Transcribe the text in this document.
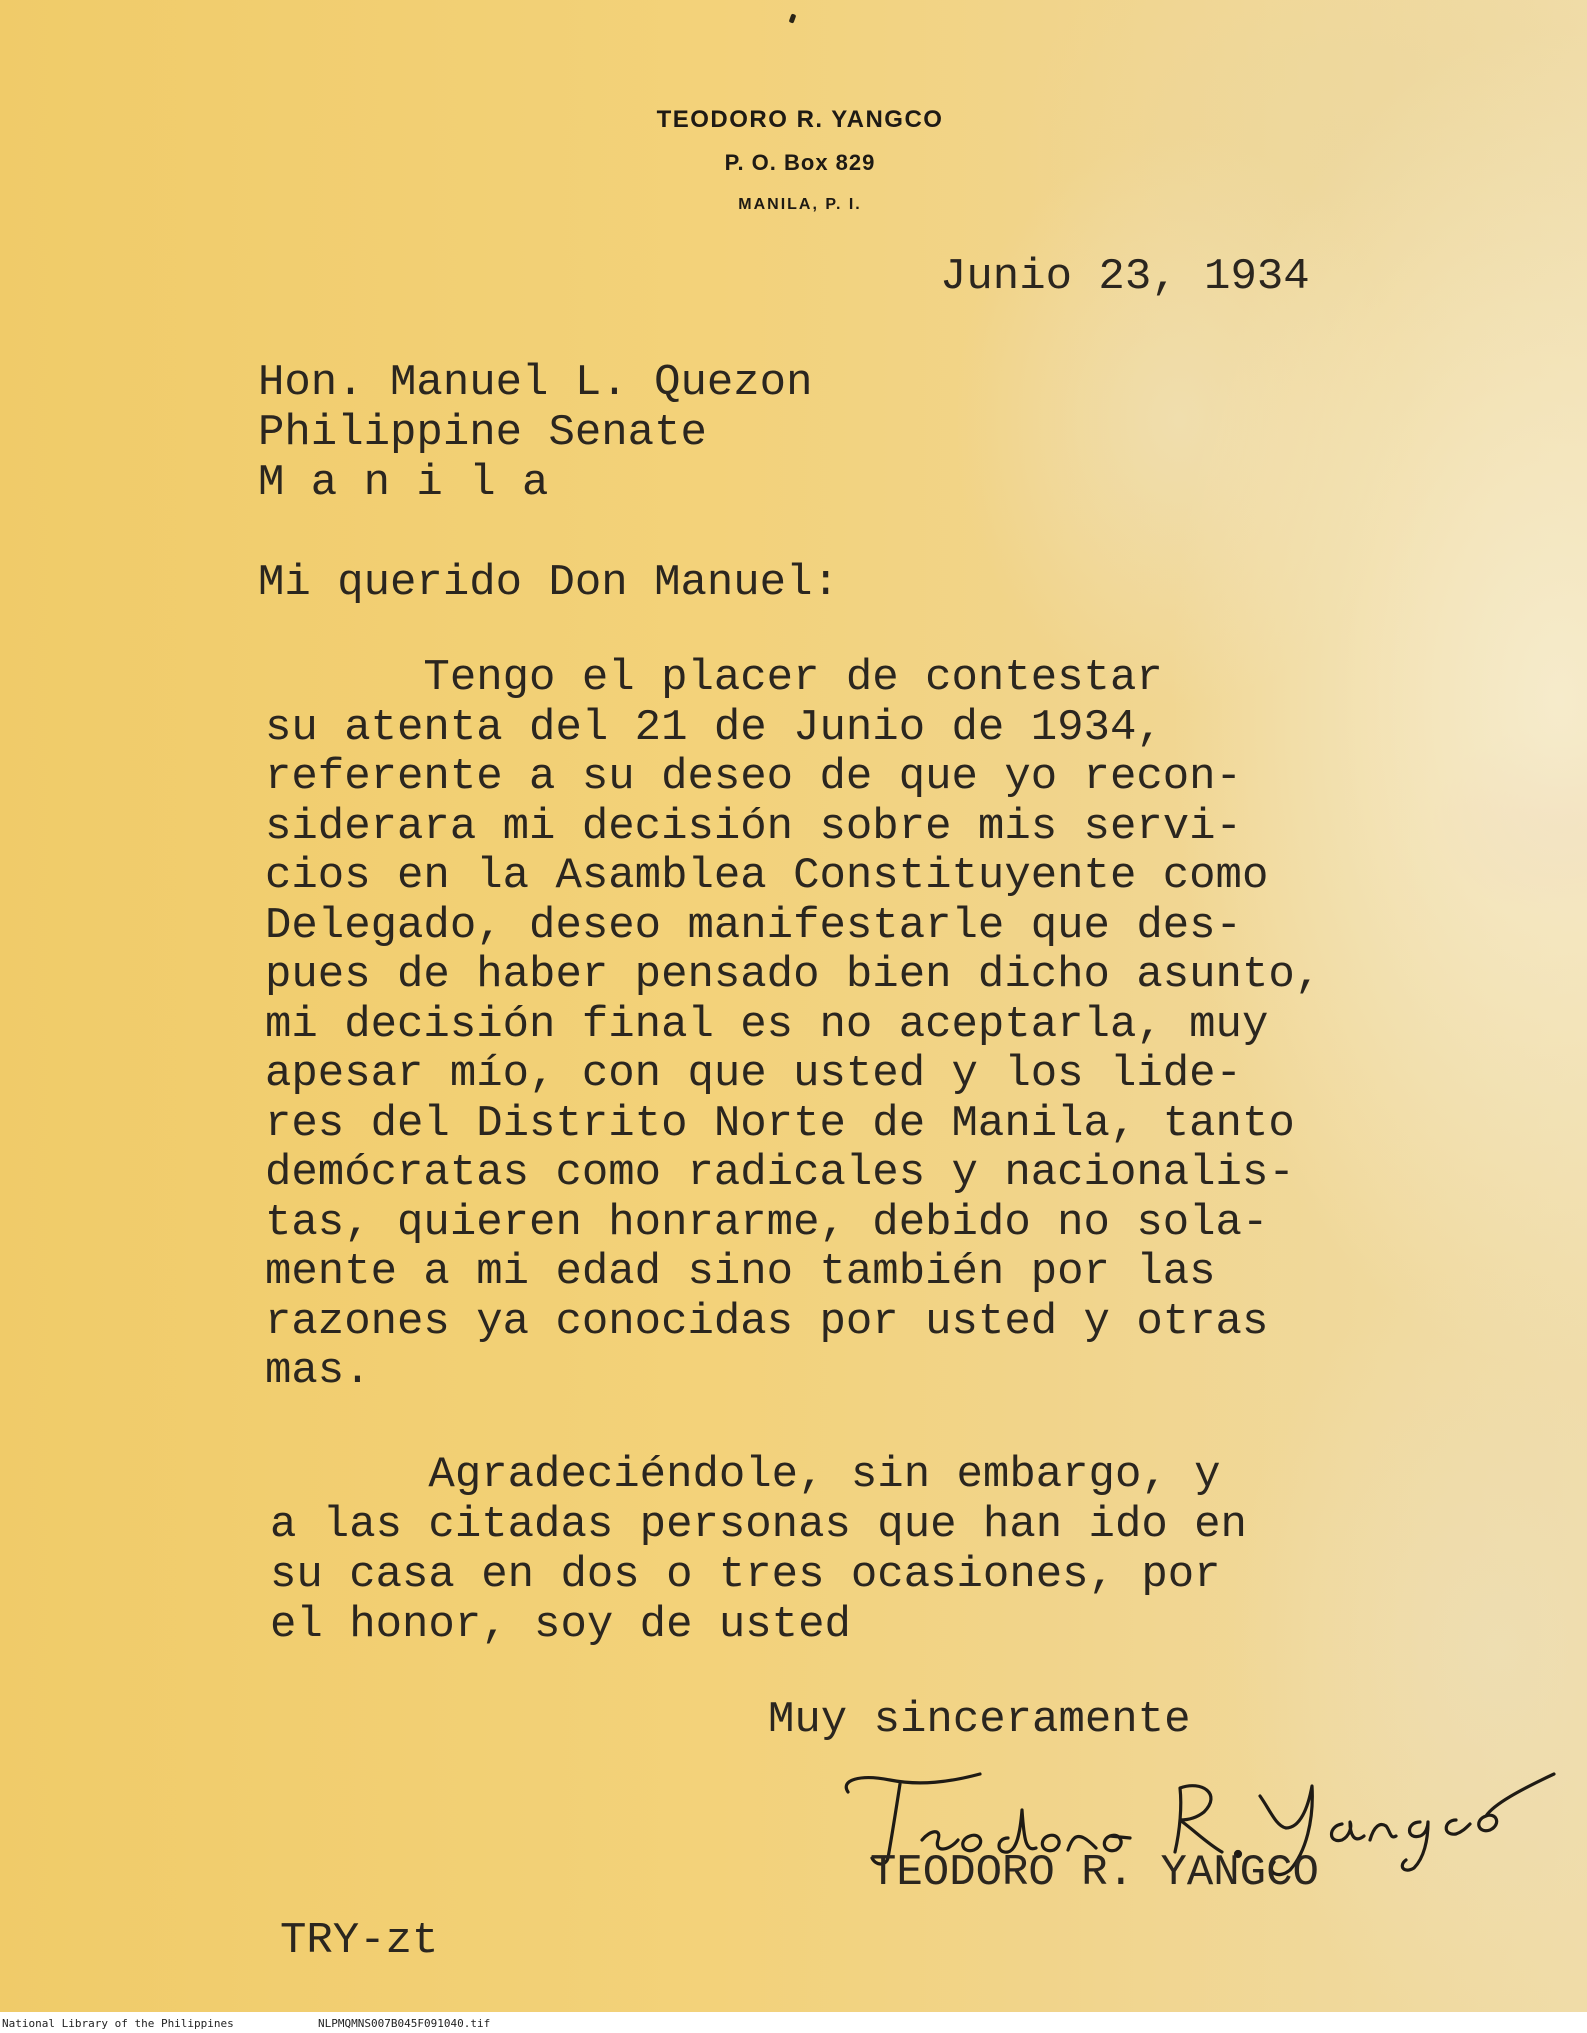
TEODORO R. YANGCO
P. O. Box 829
MANILA, P. I.
Junio 23, 1934
Hon. Manuel L. Quezon
Philippine Senate
M a n i l a
Mi querido Don Manuel:
Tengo el placer de contestar
su atenta del 21 de Junio de 1934,
referente a su deseo de que yo recon-
siderara mi decisión sobre mis servi-
cios en la Asamblea Constituyente como
Delegado, deseo manifestarle que des-
pues de haber pensado bien dicho asunto,
mi decisión final es no aceptarla, muy
apesar mío, con que usted y los lide-
res del Distrito Norte de Manila, tanto
demócratas como radicales y nacionalis-
tas, quieren honrarme, debido no sola-
mente a mi edad sino también por las
razones ya conocidas por usted y otras
mas.
Agradeciéndole, sin embargo, y
a las citadas personas que han ido en
su casa en dos o tres ocasiones, por
el honor, soy de usted
Muy sinceramente
TEODORO R. YANGCO
TRY-zt
National Library of the Philippines	NLPMQMNS007B045F091040.tif
